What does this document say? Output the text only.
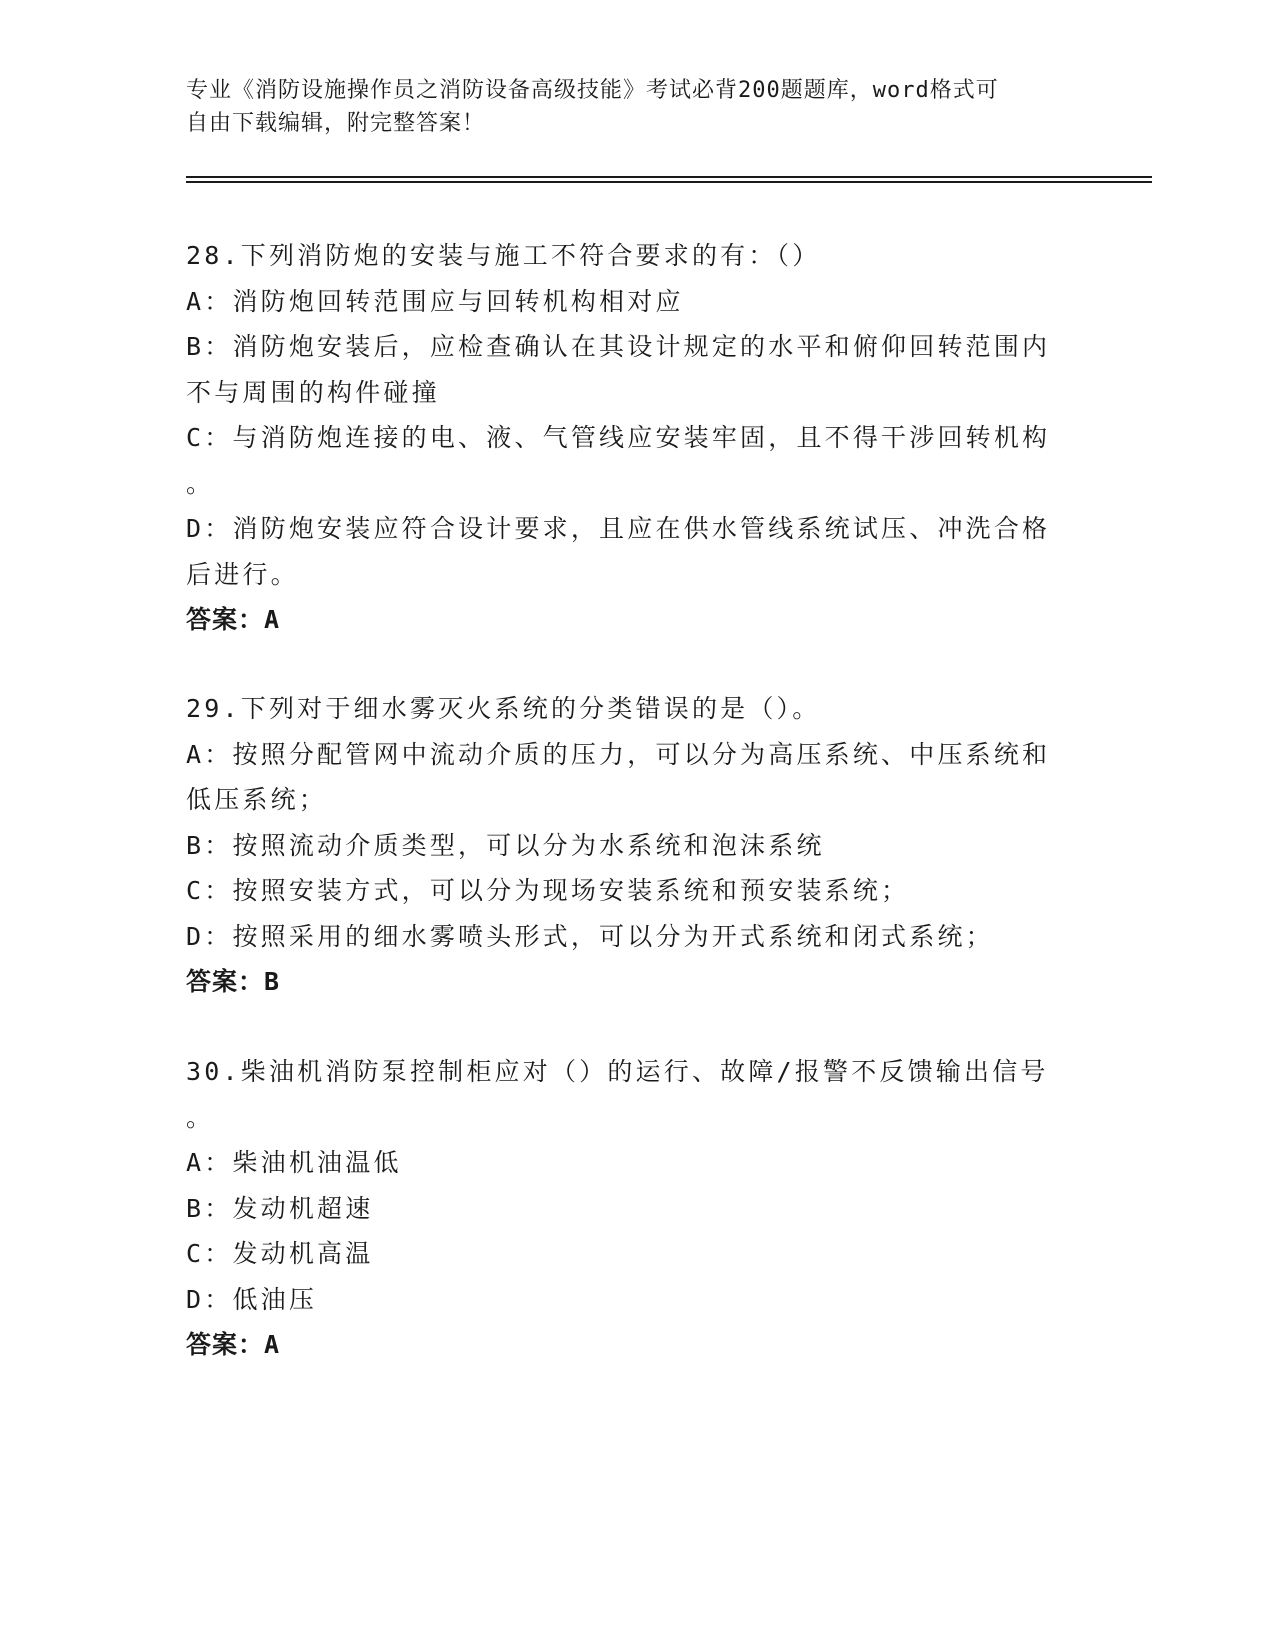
专业《消防设施操作员之消防设备高级技能》考试必背200题题库，word格式可
自由下载编辑，附完整答案！

28.下列消防炮的安装与施工不符合要求的有：（）

A：消防炮回转范围应与回转机构相对应

B：消防炮安装后，应检查确认在其设计规定的水平和俯仰回转范围内

不与周围的构件碰撞

C：与消防炮连接的电、液、气管线应安装牢固，且不得干涉回转机构

。

D：消防炮安装应符合设计要求，且应在供水管线系统试压、冲洗合格

后进行。

答案：A

29.下列对于细水雾灭火系统的分类错误的是（）。

A：按照分配管网中流动介质的压力，可以分为高压系统、中压系统和

低压系统；

B：按照流动介质类型，可以分为水系统和泡沫系统

C：按照安装方式，可以分为现场安装系统和预安装系统；

D：按照采用的细水雾喷头形式，可以分为开式系统和闭式系统；

答案：B

30.柴油机消防泵控制柜应对（）的运行、故障/报警不反馈输出信号

。

A：柴油机油温低

B：发动机超速

C：发动机高温

D：低油压

答案：A
